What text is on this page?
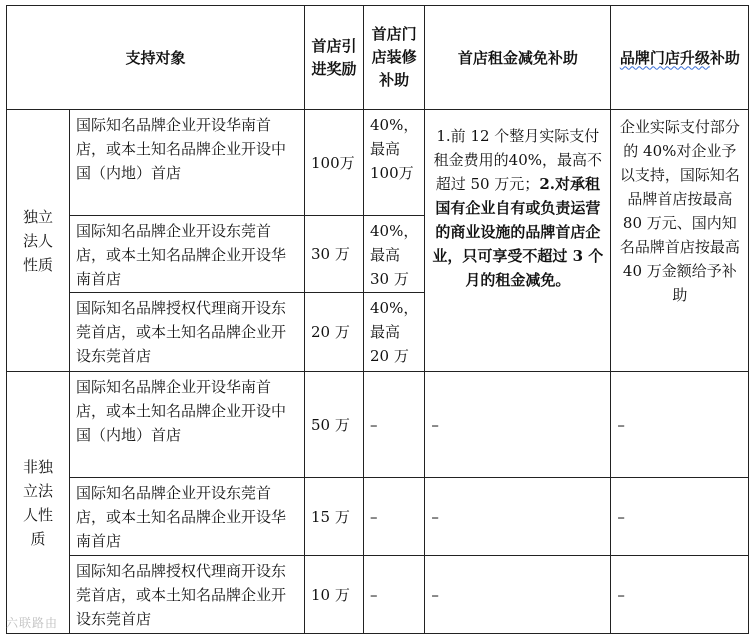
支持对象		首店引进奖励	首店门店装修补助	首店租金减免补助	品牌门店升级补助
独立法人性质	国际知名品牌企业开设华南首店，或本土知名品牌企业开设中国（内地）首店	100万	40%，最高100万	1.前 12 个整月实际支付租金费用的40%，最高不超过 50 万元；2.对承租国有企业自有或负责运营的商业设施的品牌首店企业，只可享受不超过 3 个月的租金减免。	企业实际支付部分的 40%对企业予以支持，国际知名品牌首店按最高 80 万元、国内知名品牌首店按最高 40 万金额给予补助
	国际知名品牌企业开设东莞首店，或本土知名品牌企业开设华南首店	30 万	40%，最高30 万		
	国际知名品牌授权代理商开设东莞首店，或本土知名品牌企业开设东莞首店	20 万	40%，最高20 万		
非独立法人性质	国际知名品牌企业开设华南首店，或本土知名品牌企业开设中国（内地）首店	50 万	–	–	–
	国际知名品牌企业开设东莞首店，或本土知名品牌企业开设华南首店	15 万	–	–	–
	国际知名品牌授权代理商开设东莞首店，或本土知名品牌企业开设东莞首店	10 万	–	–	–
六联路由
